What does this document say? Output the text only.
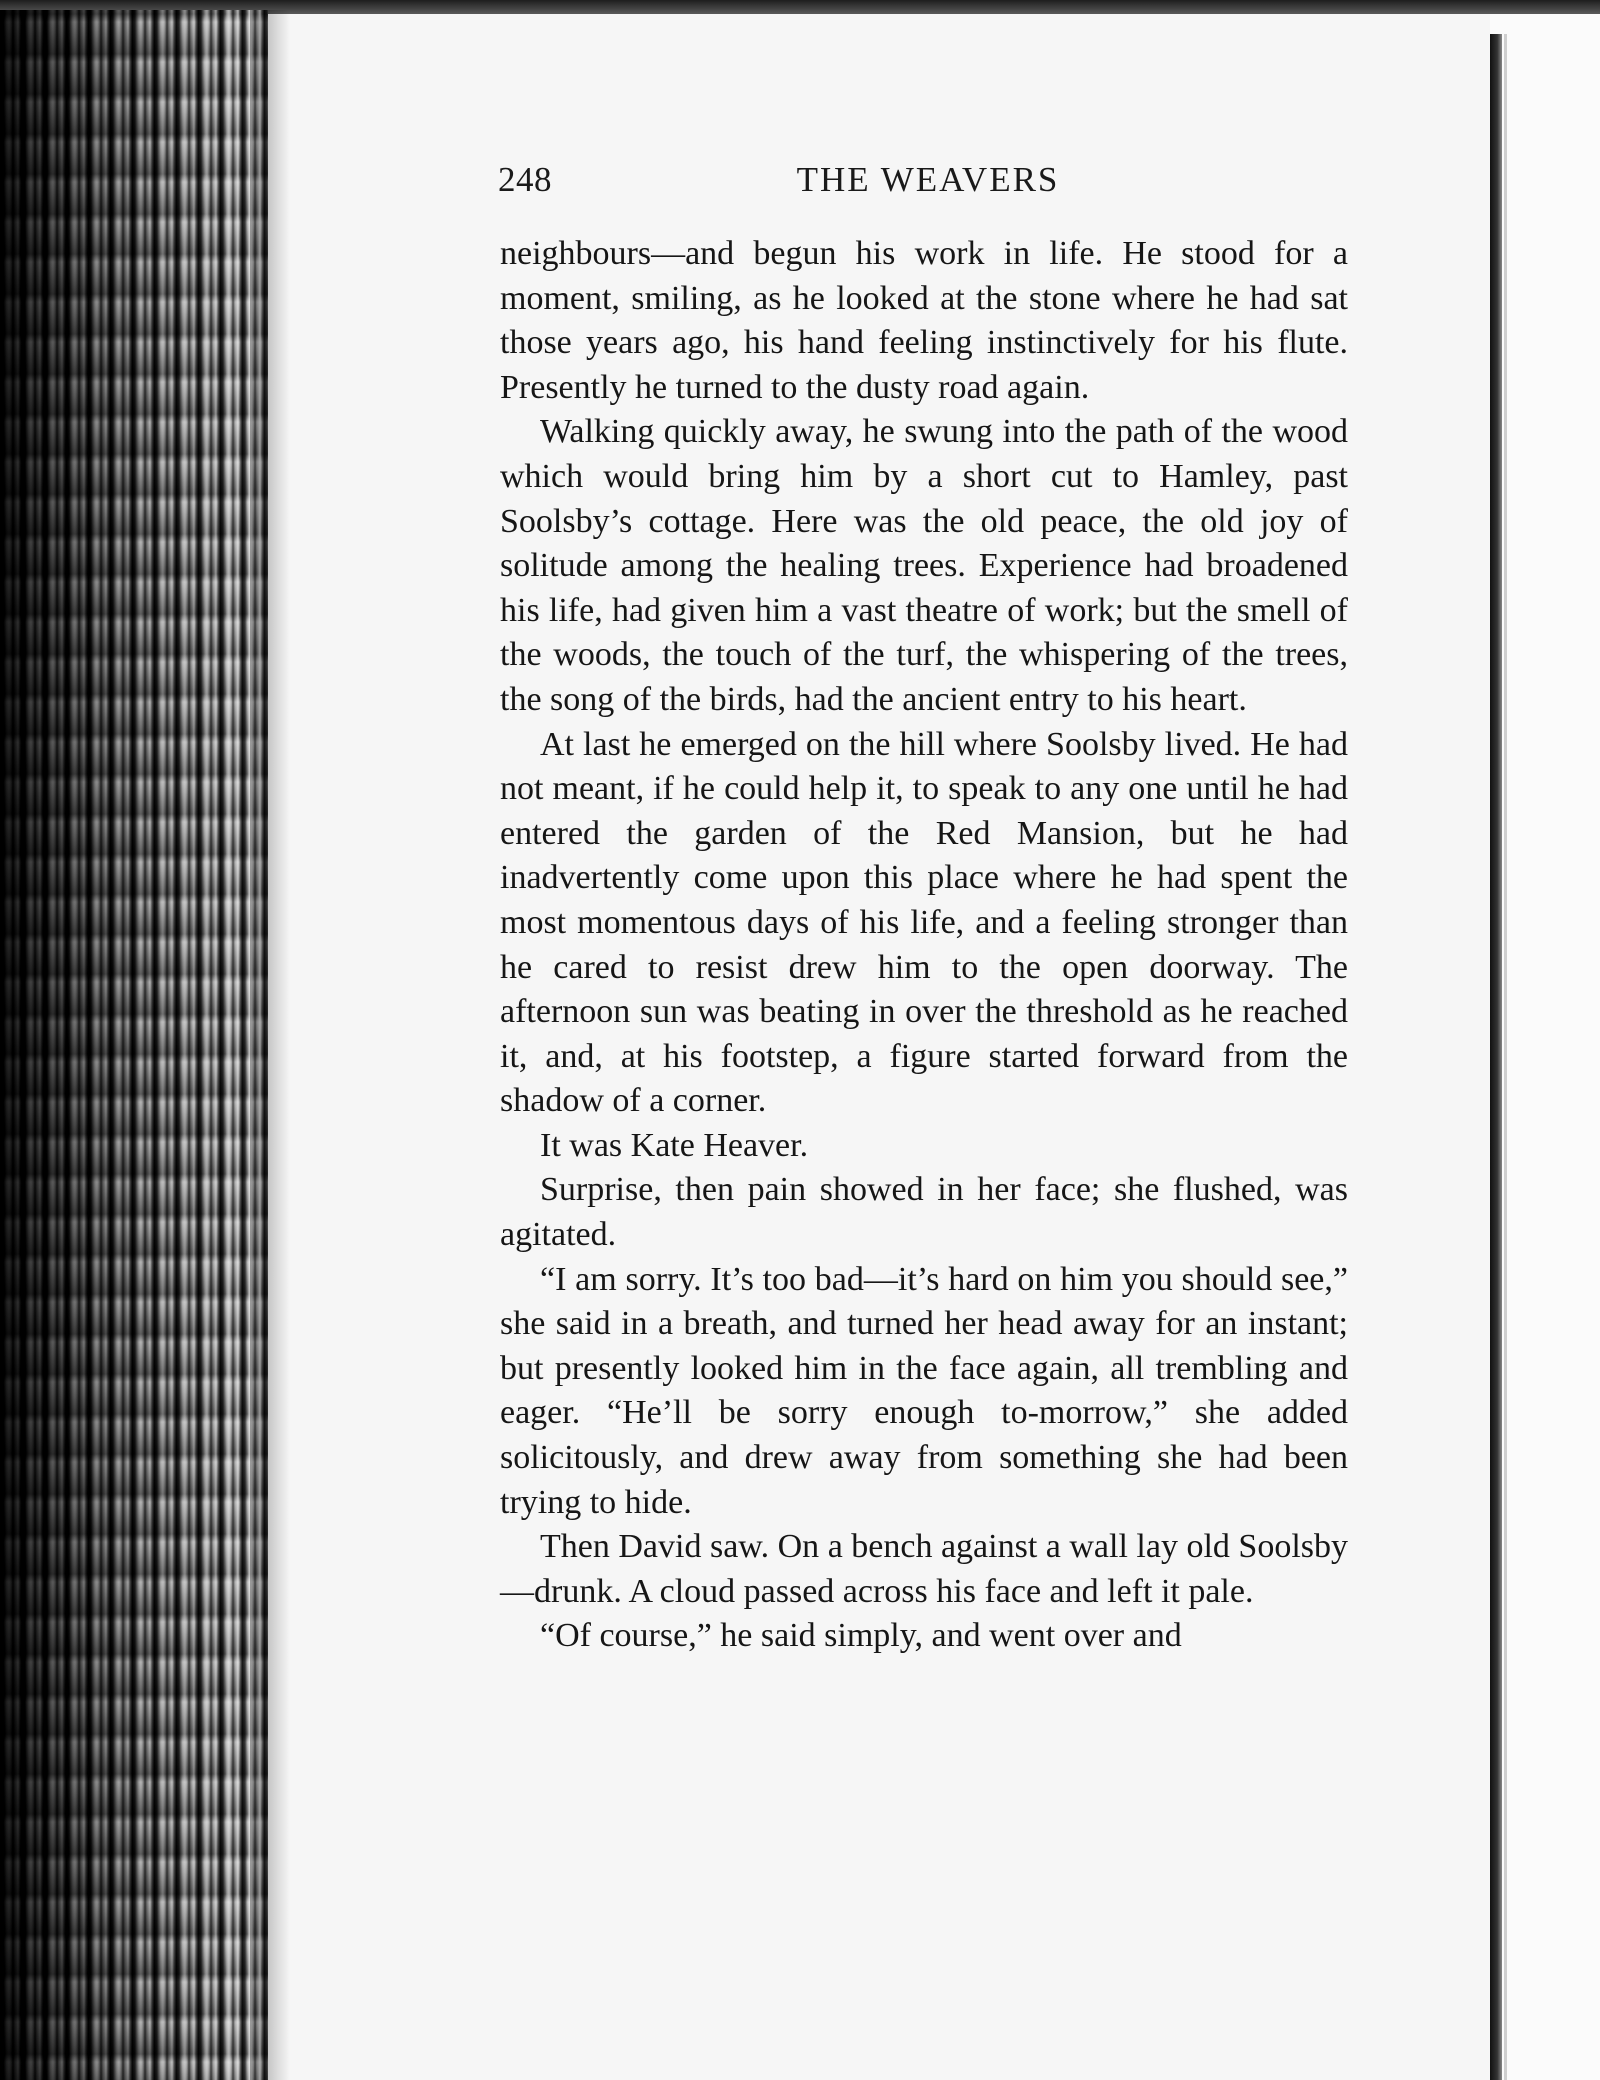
248	THE WEAVERS

neighbours—and begun his work in life. He stood for a moment, smiling, as he looked at the stone where he had sat those years ago, his hand feeling instinctively for his flute. Presently he turned to the dusty road again.

Walking quickly away, he swung into the path of the wood which would bring him by a short cut to Hamley, past Soolsby’s cottage. Here was the old peace, the old joy of solitude among the healing trees. Experience had broadened his life, had given him a vast theatre of work; but the smell of the woods, the touch of the turf, the whispering of the trees, the song of the birds, had the ancient entry to his heart.

At last he emerged on the hill where Soolsby lived. He had not meant, if he could help it, to speak to any one until he had entered the garden of the Red Mansion, but he had inadvertently come upon this place where he had spent the most momentous days of his life, and a feeling stronger than he cared to resist drew him to the open doorway. The afternoon sun was beating in over the threshold as he reached it, and, at his footstep, a figure started forward from the shadow of a corner.

It was Kate Heaver.

Surprise, then pain showed in her face; she flushed, was agitated.

“I am sorry. It’s too bad—it’s hard on him you should see,” she said in a breath, and turned her head away for an instant; but presently looked him in the face again, all trembling and eager. “He’ll be sorry enough to-morrow,” she added solicitously, and drew away from something she had been trying to hide.

Then David saw. On a bench against a wall lay old Soolsby—drunk. A cloud passed across his face and left it pale.

“Of course,” he said simply, and went over and
